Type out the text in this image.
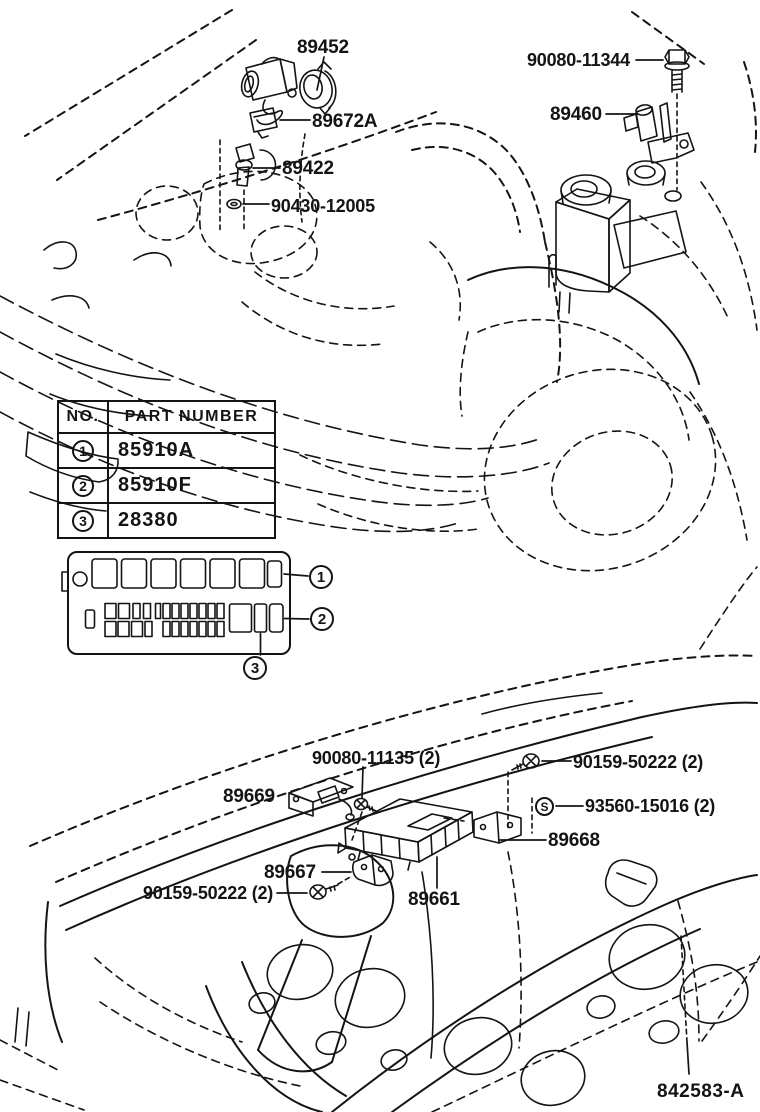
89452
90080-11344
89672A	89460
89422
90430-12005
90080-11135 (2)
89669
90159-50222 (2)
93560-15016 (2)
89668
89667
90159-50222 (2)	89661
NO.	PART NUMBER
1	85910A
2	85910F
3	28380
1
2
3
S
842583-A
